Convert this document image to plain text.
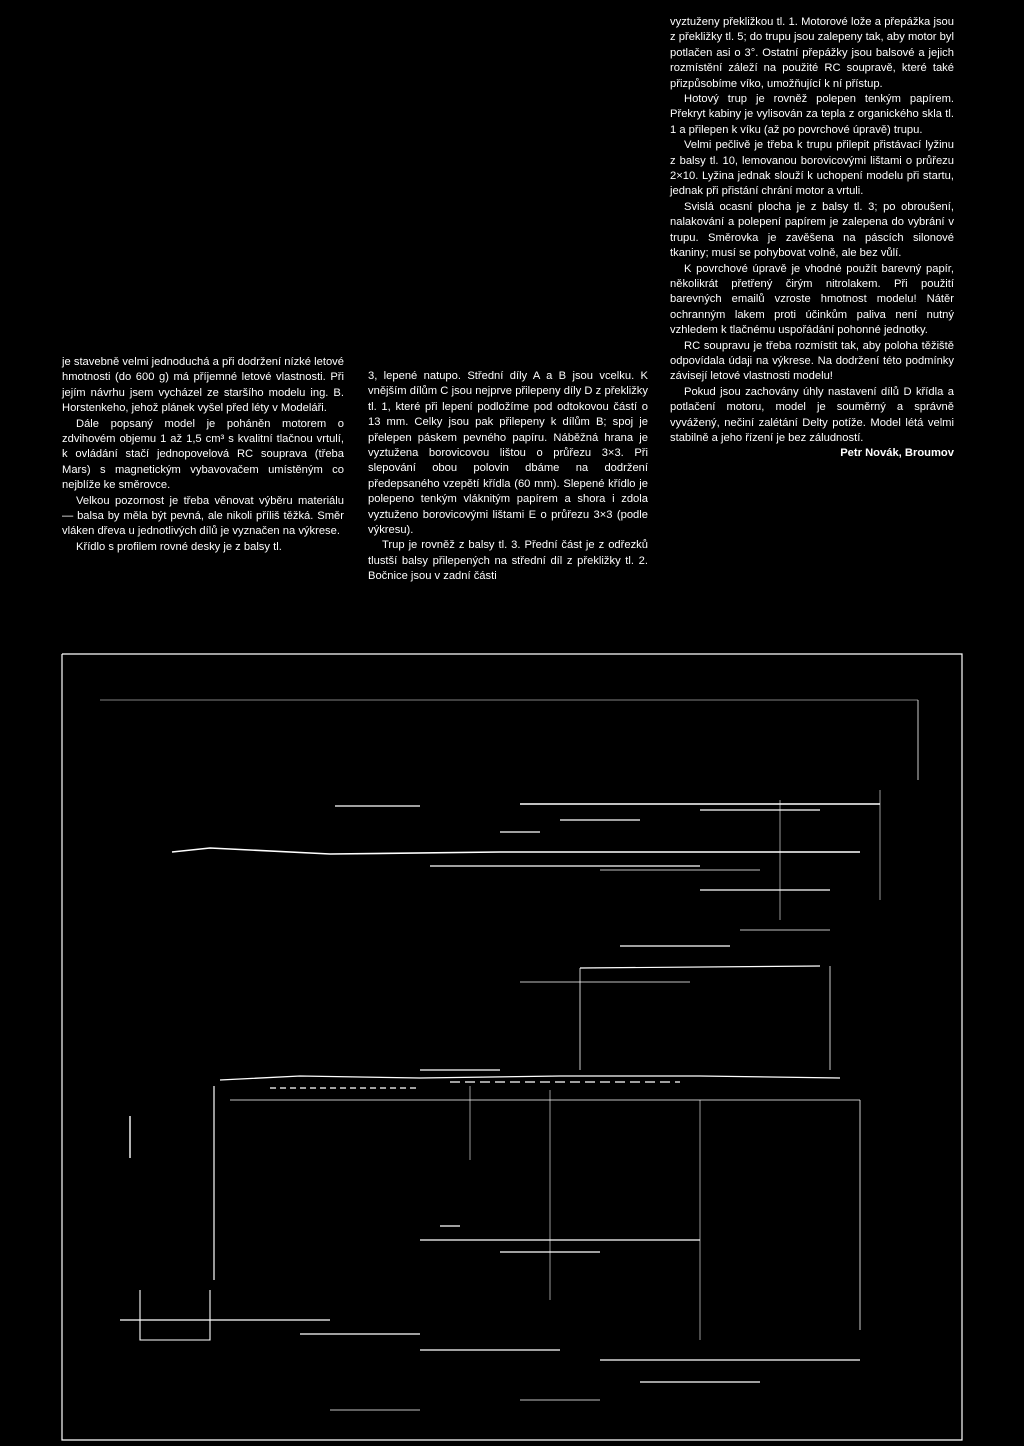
je stavebně velmi jednoduchá a při dodržení nízké letové hmotnosti (do 600 g) má příjemné letové vlastnosti. Při jejím návrhu jsem vycházel ze staršího modelu ing. B. Horstenkeho, jehož plánek vyšel před léty v Modeláři.

Dále popsaný model je poháněn motorem o zdvihovém objemu 1 až 1,5 cm³ s kvalitní tlačnou vrtulí, k ovládání stačí jednopovelová RC souprava (třeba Mars) s magnetickým vybavovačem umístěným co nejblíže ke směrovce.

Velkou pozornost je třeba věnovat výběru materiálu — balsa by měla být pevná, ale nikoli příliš těžká. Směr vláken dřeva u jednotlivých dílů je vyznačen na výkrese.

Křídlo s profilem rovné desky je z balsy tl.

3, lepené natupo. Střední díly A a B jsou vcelku. K vnějším dílům C jsou nejprve přilepeny díly D z překližky tl. 1, které při lepení podložíme pod odtokovou částí o 13 mm. Celky jsou pak přilepeny k dílům B; spoj je přelepen páskem pevného papíru. Náběžná hrana je vyztužena borovicovou lištou o průřezu 3×3. Při slepování obou polovin dbáme na dodržení předepsaného vzepětí křídla (60 mm). Slepené křídlo je polepeno tenkým vláknitým papírem a shora i zdola vyztuženo borovicovými lištami E o průřezu 3×3 (podle výkresu).

Trup je rovněž z balsy tl. 3. Přední část je z odřezků tlustší balsy přilepených na střední díl z překližky tl. 2. Bočnice jsou v zadní části

vyztuženy překližkou tl. 1. Motorové lože a přepážka jsou z překližky tl. 5; do trupu jsou zalepeny tak, aby motor byl potlačen asi o 3°. Ostatní přepážky jsou balsové a jejich rozmístění záleží na použité RC soupravě, které také přizpůsobíme víko, umožňující k ní přístup.

Hotový trup je rovněž polepen tenkým papírem. Překryt kabiny je vylisován za tepla z organického skla tl. 1 a přilepen k víku (až po povrchové úpravě) trupu.

Velmi pečlivě je třeba k trupu přilepit přistávací lyžinu z balsy tl. 10, lemovanou borovicovými lištami o průřezu 2×10. Lyžina jednak slouží k uchopení modelu při startu, jednak při přistání chrání motor a vrtuli.

Svislá ocasní plocha je z balsy tl. 3; po obroušení, nalakování a polepení papírem je zalepena do vybrání v trupu. Směrovka je zavěšena na páscích silonové tkaniny; musí se pohybovat volně, ale bez vůlí.

K povrchové úpravě je vhodné použít barevný papír, několikrát přetřený čirým nitrolakem. Při použití barevných emailů vzroste hmotnost modelu! Nátěr ochranným lakem proti účinkům paliva není nutný vzhledem k tlačnému uspořádání pohonné jednotky.

RC soupravu je třeba rozmístit tak, aby poloha těžiště odpovídala údaji na výkrese. Na dodržení této podmínky závisejí letové vlastnosti modelu!

Pokud jsou zachovány úhly nastavení dílů D křídla a potlačení motoru, model je souměrný a správně vyvážený, nečiní zalétání Delty potíže. Model létá velmi stabilně a jeho řízení je bez záludností.

Petr Novák, Broumov
